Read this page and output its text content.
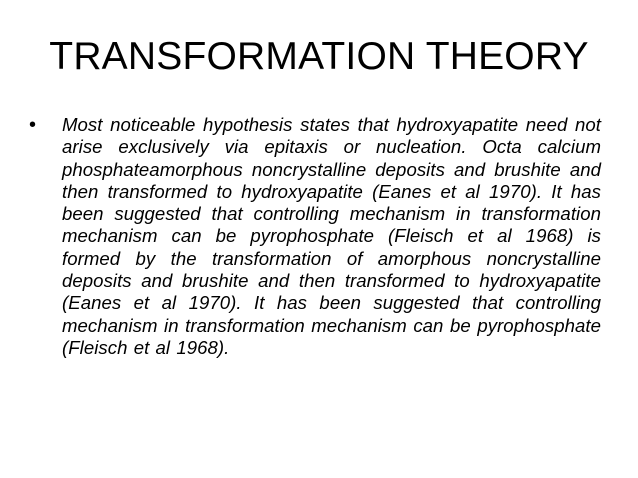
TRANSFORMATION THEORY
•	Most noticeable hypothesis states that hydroxyapatite need not arise exclusively via epitaxis or nucleation. Octa calcium phosphateamorphous noncrystalline deposits and brushite and then transformed to hydroxyapatite (Eanes et al 1970). It has been suggested that controlling mechanism in transformation mechanism can be pyrophosphate (Fleisch et al 1968) is formed by the transformation of amorphous noncrystalline deposits and brushite and then transformed to hydroxyapatite (Eanes et al 1970). It has been suggested that controlling mechanism in transformation mechanism can be pyrophosphate (Fleisch et al 1968).
